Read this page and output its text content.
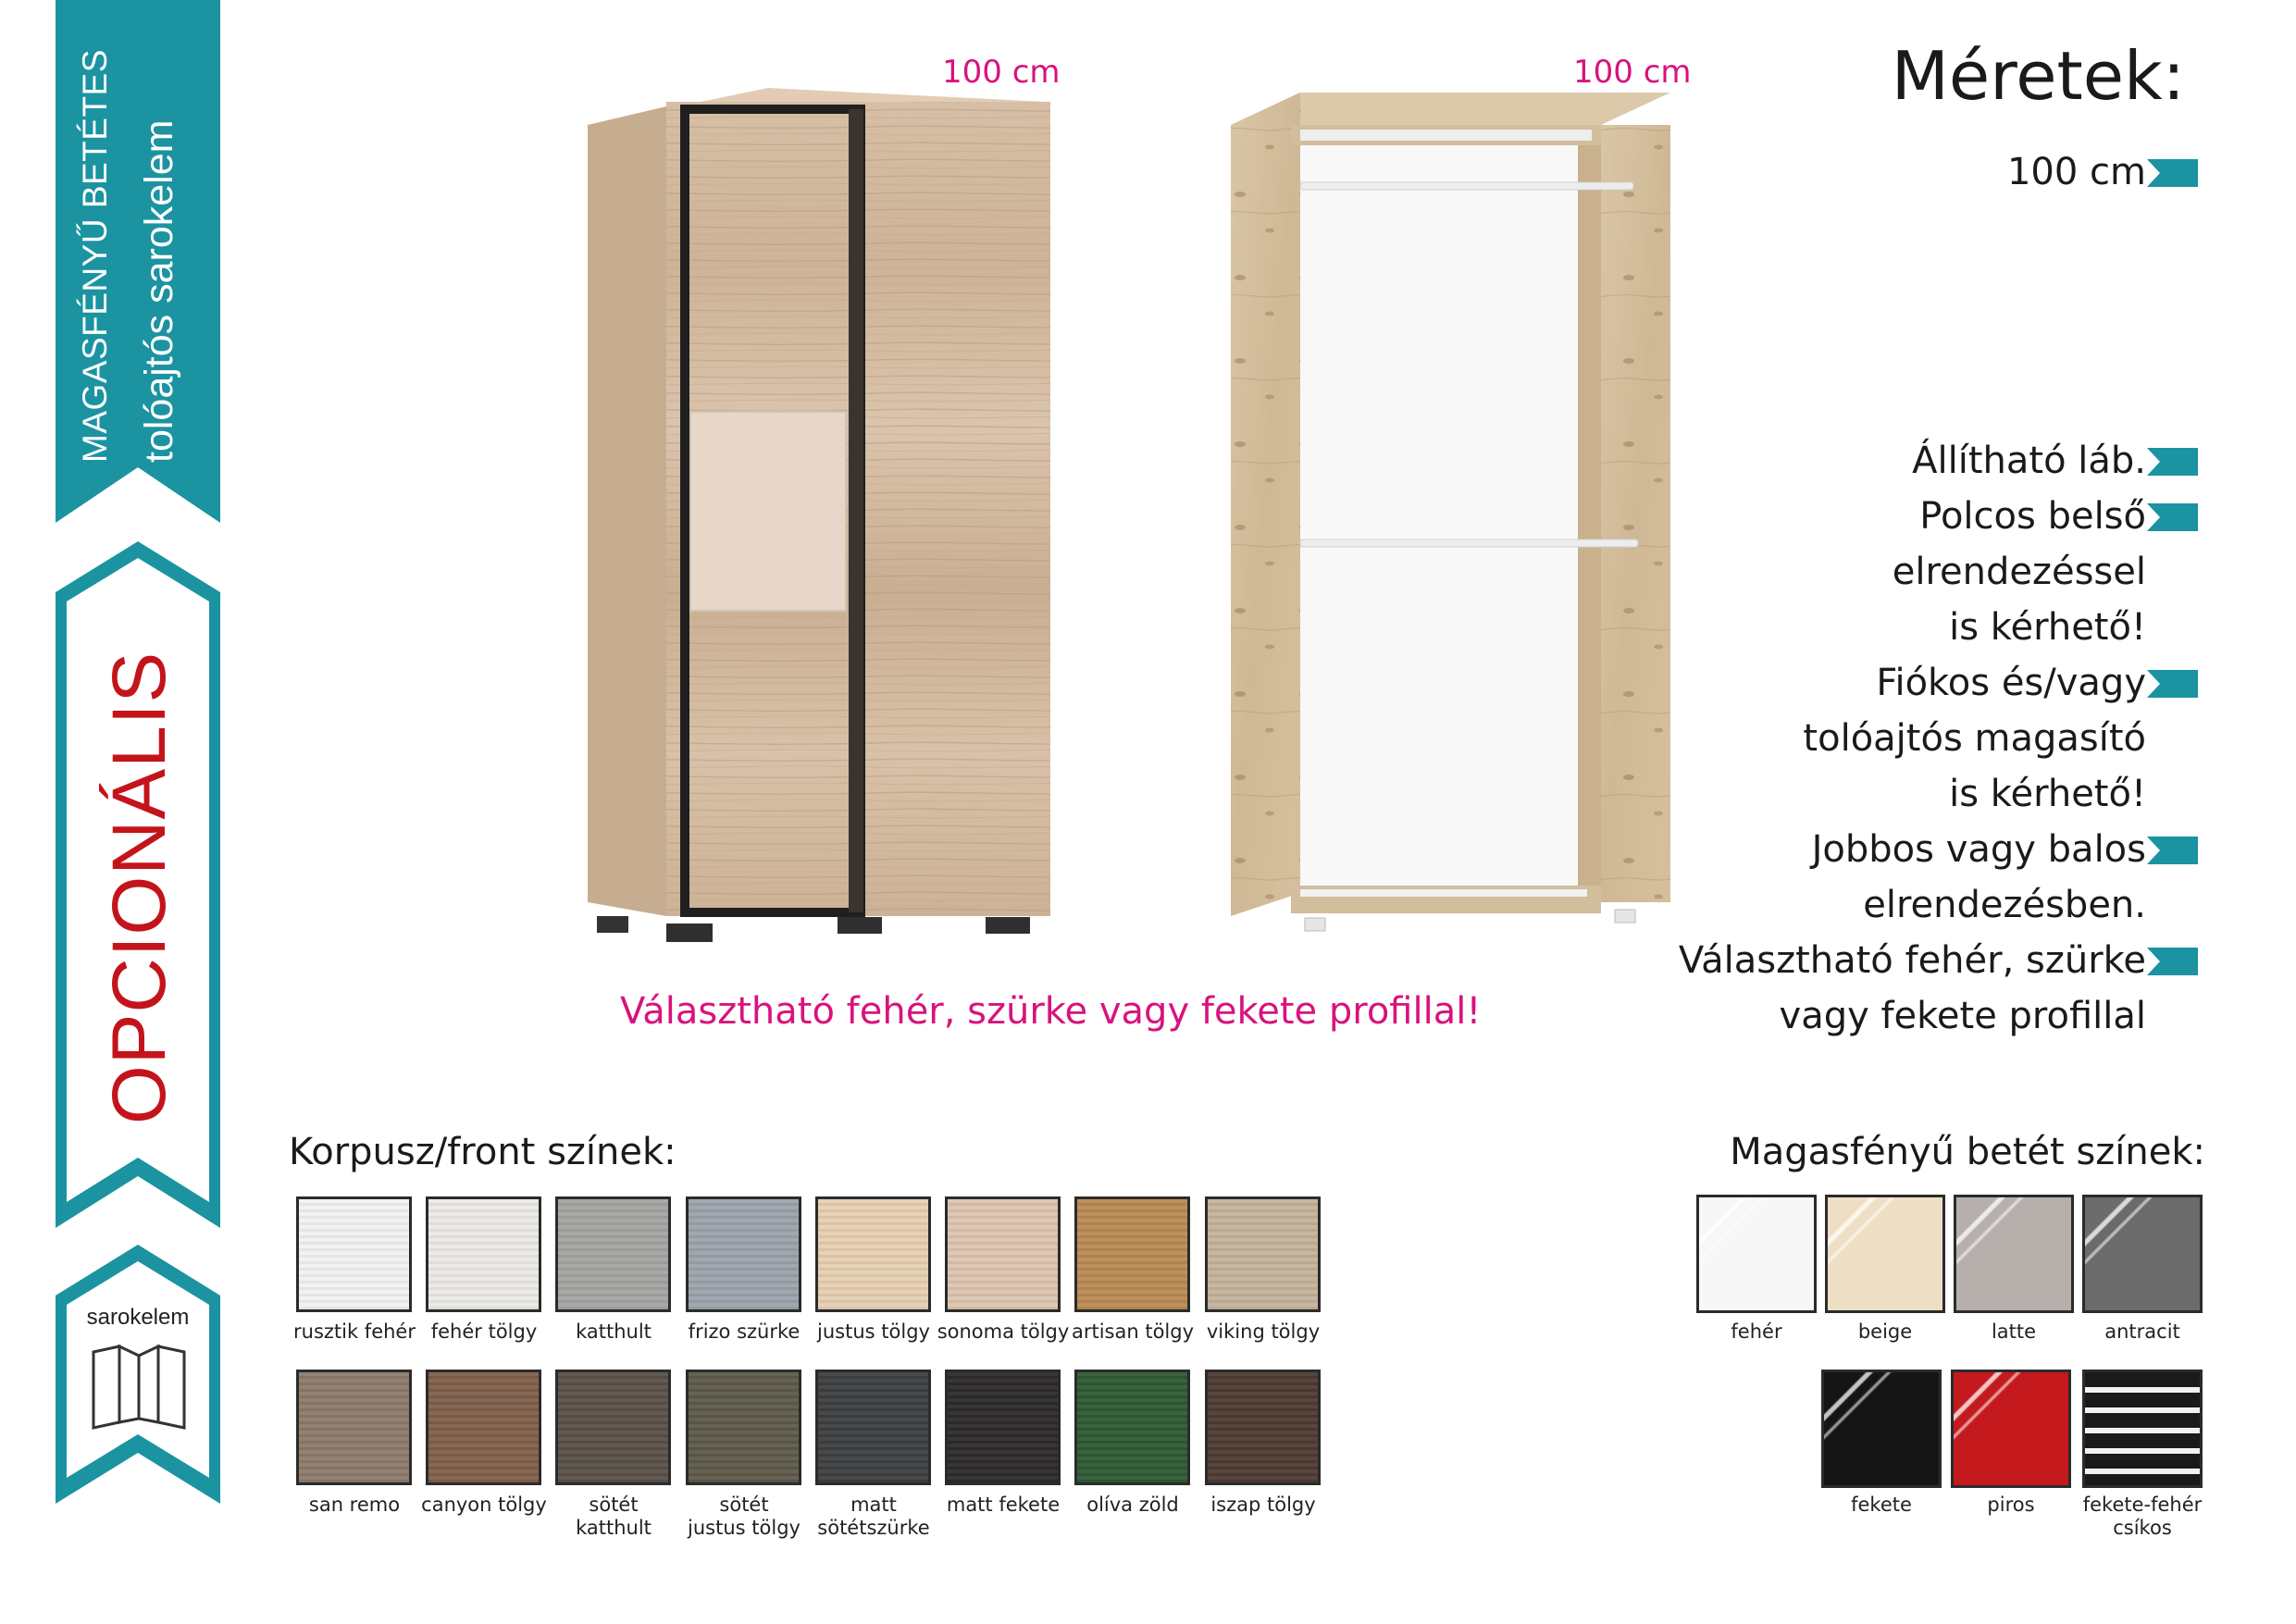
MAGASFÉNYŰ BETÉTES tolóajtós sarokelem
OPCIONÁLIS
sarokelem
100 cm	100 cm
Választható fehér, szürke vagy fekete profillal!
Méretek:
100 cm
Állítható láb.
Polcos belső
elrendezéssel
is kérhető!
Fiókos és/vagy
tolóajtós magasító
is kérhető!
Jobbos vagy balos
elrendezésben.
Választható fehér, szürke
vagy fekete profillal
Korpusz/front színek:
rusztik fehér fehér tölgy	katthult	frizo szürke justus tölgy sonoma tölgy artisan tölgy viking tölgy
san remo	canyon tölgy	sötét
katthult
sötét
justus tölgy
matt
sötétszürke
matt fekete	olíva zöld	iszap tölgy
Magasfényű betét színek:
fehér	beige	latte	antracit
fekete	piros	fekete-fehér
csíkos
